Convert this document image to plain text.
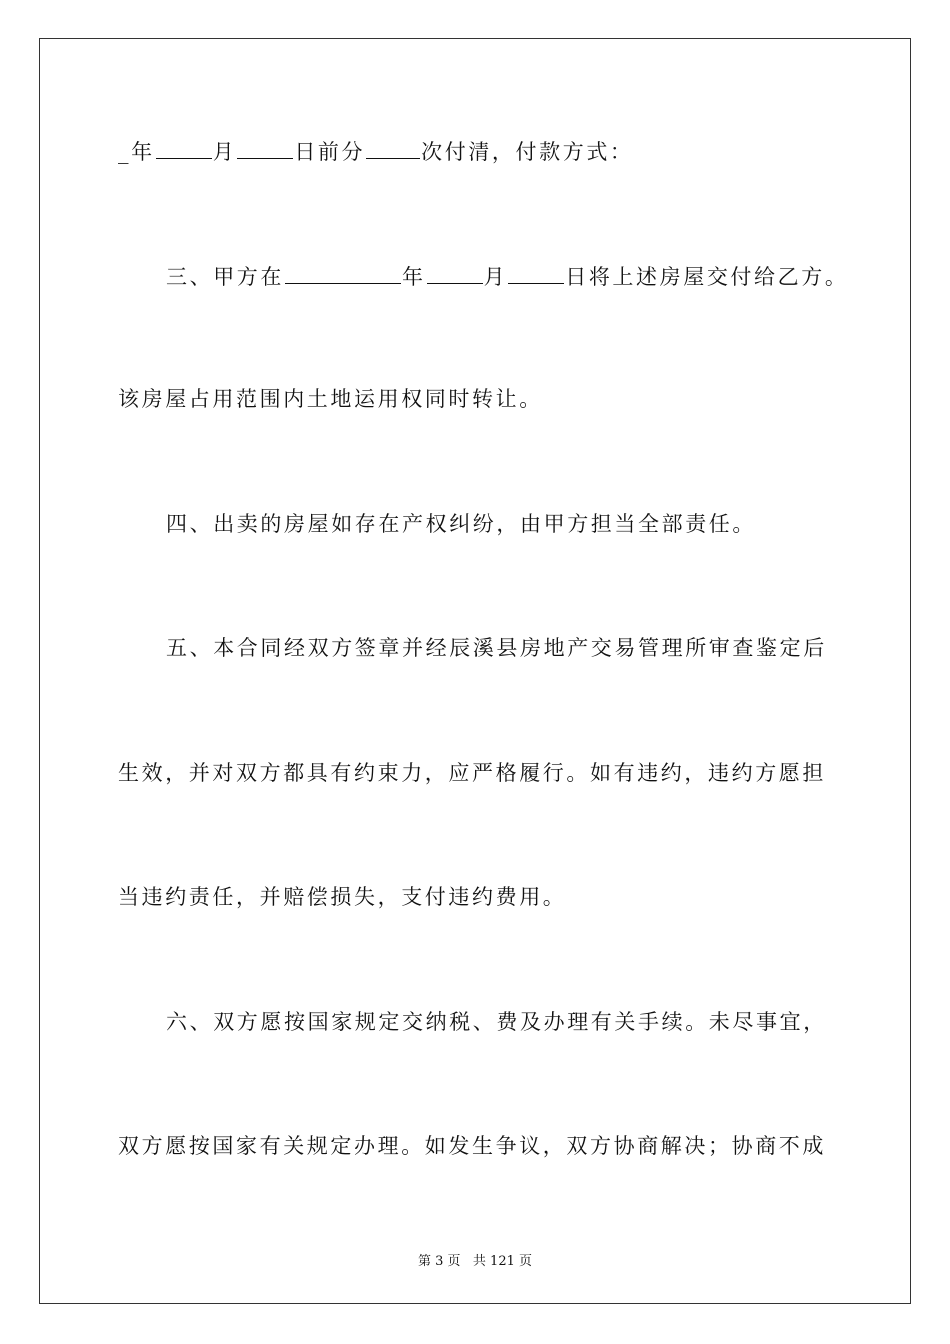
_年	月	日前分	次付清，付款方式：
三、甲方在	年	月	日将上述房屋交付给乙方。
该房屋占用范围内土地运用权同时转让。
四、出卖的房屋如存在产权纠纷，由甲方担当全部责任。
五、本合同经双方签章并经辰溪县房地产交易管理所审查鉴定后
生效，并对双方都具有约束力，应严格履行。如有违约，违约方愿担
当违约责任，并赔偿损失，支付违约费用。
六、双方愿按国家规定交纳税、费及办理有关手续。未尽事宜，
双方愿按国家有关规定办理。如发生争议，双方协商解决；协商不成
第 3 页   共 121 页
